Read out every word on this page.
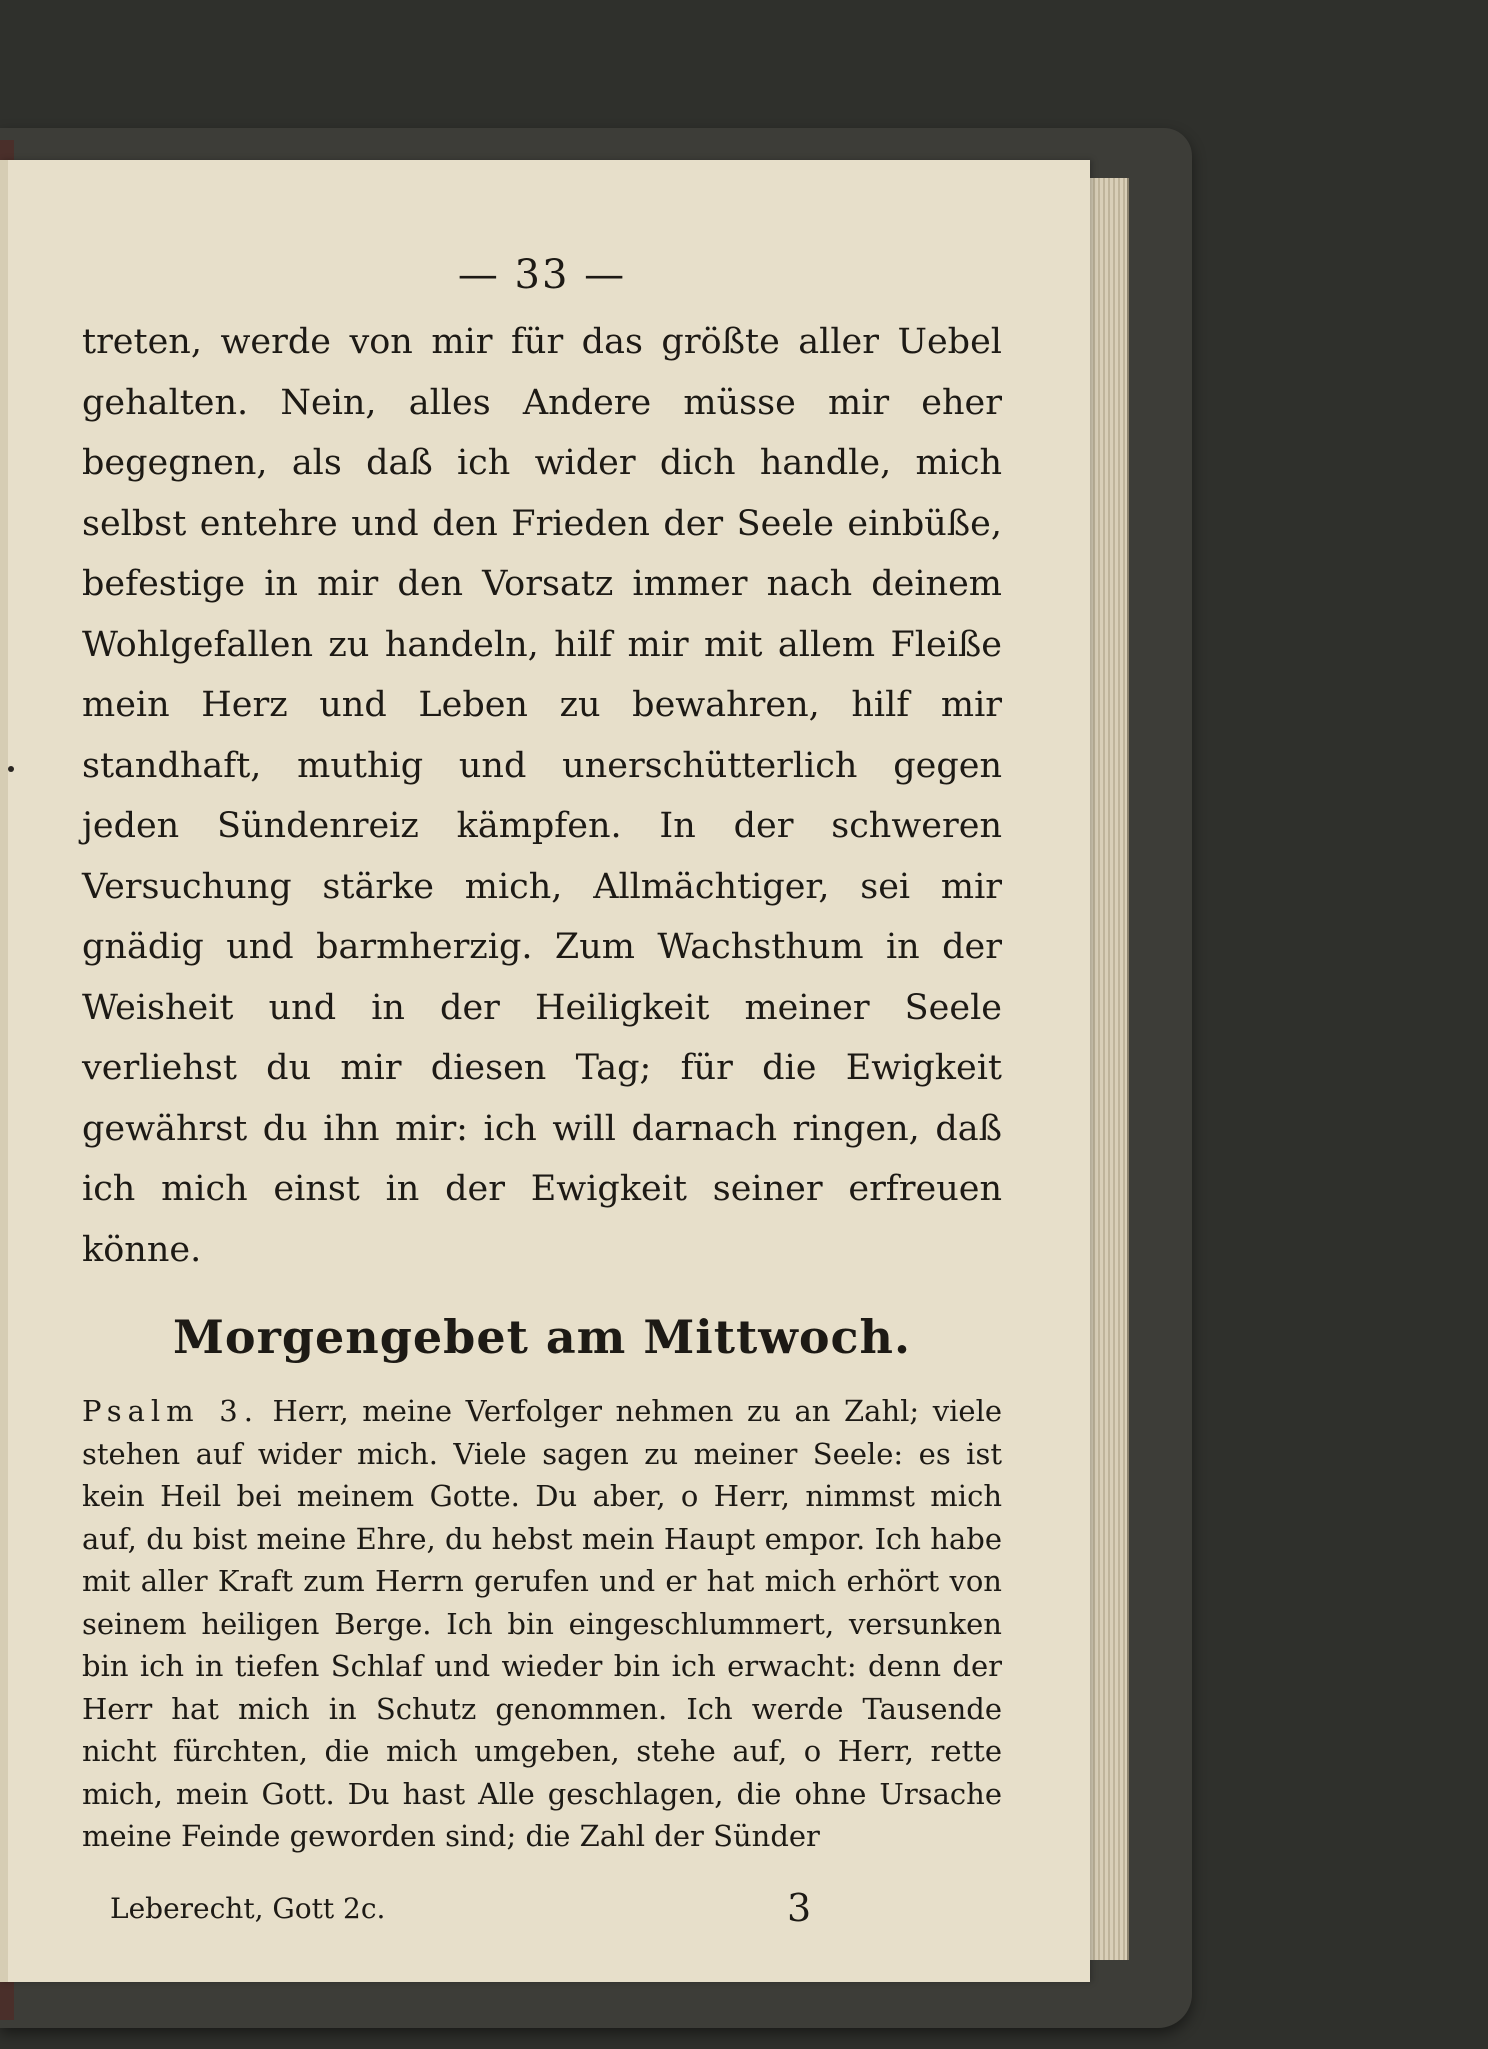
— 33 —

treten, werde von mir für das größte aller Uebel gehalten. Nein, alles Andere müsse mir eher begegnen, als daß ich wider dich handle, mich selbst entehre und den Frieden der Seele einbüße, befestige in mir den Vorsatz immer nach deinem Wohlgefallen zu handeln, hilf mir mit allem Fleiße mein Herz und Leben zu bewahren, hilf mir standhaft, muthig und unerschütterlich gegen jeden Sündenreiz kämpfen. In der schweren Versuchung stärke mich, Allmächtiger, sei mir gnädig und barmherzig. Zum Wachsthum in der Weisheit und in der Heiligkeit meiner Seele verliehst du mir diesen Tag; für die Ewigkeit gewährst du ihn mir: ich will darnach ringen, daß ich mich einst in der Ewigkeit seiner erfreuen könne.

Morgengebet am Mittwoch.

Psalm 3. Herr, meine Verfolger nehmen zu an Zahl; viele stehen auf wider mich. Viele sagen zu meiner Seele: es ist kein Heil bei meinem Gotte. Du aber, o Herr, nimmst mich auf, du bist meine Ehre, du hebst mein Haupt empor. Ich habe mit aller Kraft zum Herrn gerufen und er hat mich erhört von seinem heiligen Berge. Ich bin eingeschlummert, versunken bin ich in tiefen Schlaf und wieder bin ich erwacht: denn der Herr hat mich in Schutz genommen. Ich werde Tausende nicht fürchten, die mich umgeben, stehe auf, o Herr, rette mich, mein Gott. Du hast Alle geschlagen, die ohne Ursache meine Feinde geworden sind; die Zahl der Sünder

Leberecht, Gott 2c.	3
